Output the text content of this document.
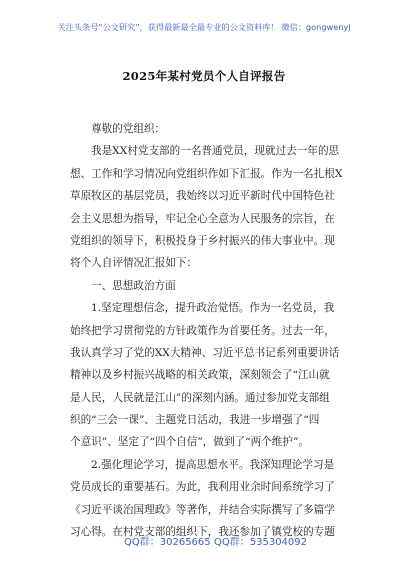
关注头条号“公文研究”，获得最新最全最专业的公文资料库！ 微信：gongwenyj
2025年某村党员个人自评报告
尊敬的党组织：
我是XX村党支部的一名普通党员，现就过去一年的思
想、工作和学习情况向党组织作如下汇报。作为一名扎根X
草原牧区的基层党员，我始终以习近平新时代中国特色社
会主义思想为指导，牢记全心全意为人民服务的宗旨，在
党组织的领导下，积极投身于乡村振兴的伟大事业中。现
将个人自评情况汇报如下：
一、思想政治方面
1.坚定理想信念，提升政治觉悟。作为一名党员，我
始终把学习贯彻党的方针政策作为首要任务。过去一年，
我认真学习了党的XX大精神、习近平总书记系列重要讲话
精神以及乡村振兴战略的相关政策，深刻领会了“江山就
是人民，人民就是江山”的深刻内涵。通过参加党支部组
织的“三会一课”、主题党日活动，我进一步增强了“四
个意识”、坚定了“四个自信”，做到了“两个维护”。
2.强化理论学习，提高思想水平。我深知理论学习是
党员成长的重要基石。为此，我利用业余时间系统学习了
《习近平谈治国理政》等著作，并结合实际撰写了多篇学
习心得。在村党支部的组织下，我还参加了镇党校的专题
QQ群：30265665 QQ群：535304092
